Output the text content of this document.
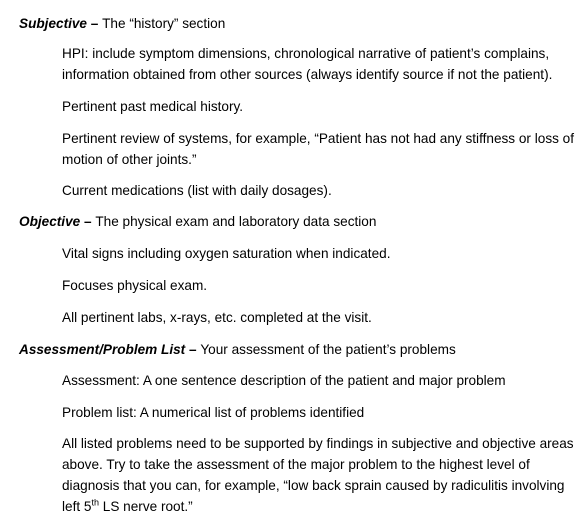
Subjective – The “history” section
HPI: include symptom dimensions, chronological narrative of patient’s complains, information obtained from other sources (always identify source if not the patient).
Pertinent past medical history.
Pertinent review of systems, for example, “Patient has not had any stiffness or loss of motion of other joints.”
Current medications (list with daily dosages).
Objective – The physical exam and laboratory data section
Vital signs including oxygen saturation when indicated.
Focuses physical exam.
All pertinent labs, x-rays, etc. completed at the visit.
Assessment/Problem List – Your assessment of the patient’s problems
Assessment: A one sentence description of the patient and major problem
Problem list: A numerical list of problems identified
All listed problems need to be supported by findings in subjective and objective areas above. Try to take the assessment of the major problem to the highest level of diagnosis that you can, for example, “low back sprain caused by radiculitis involving left 5th LS nerve root.”
